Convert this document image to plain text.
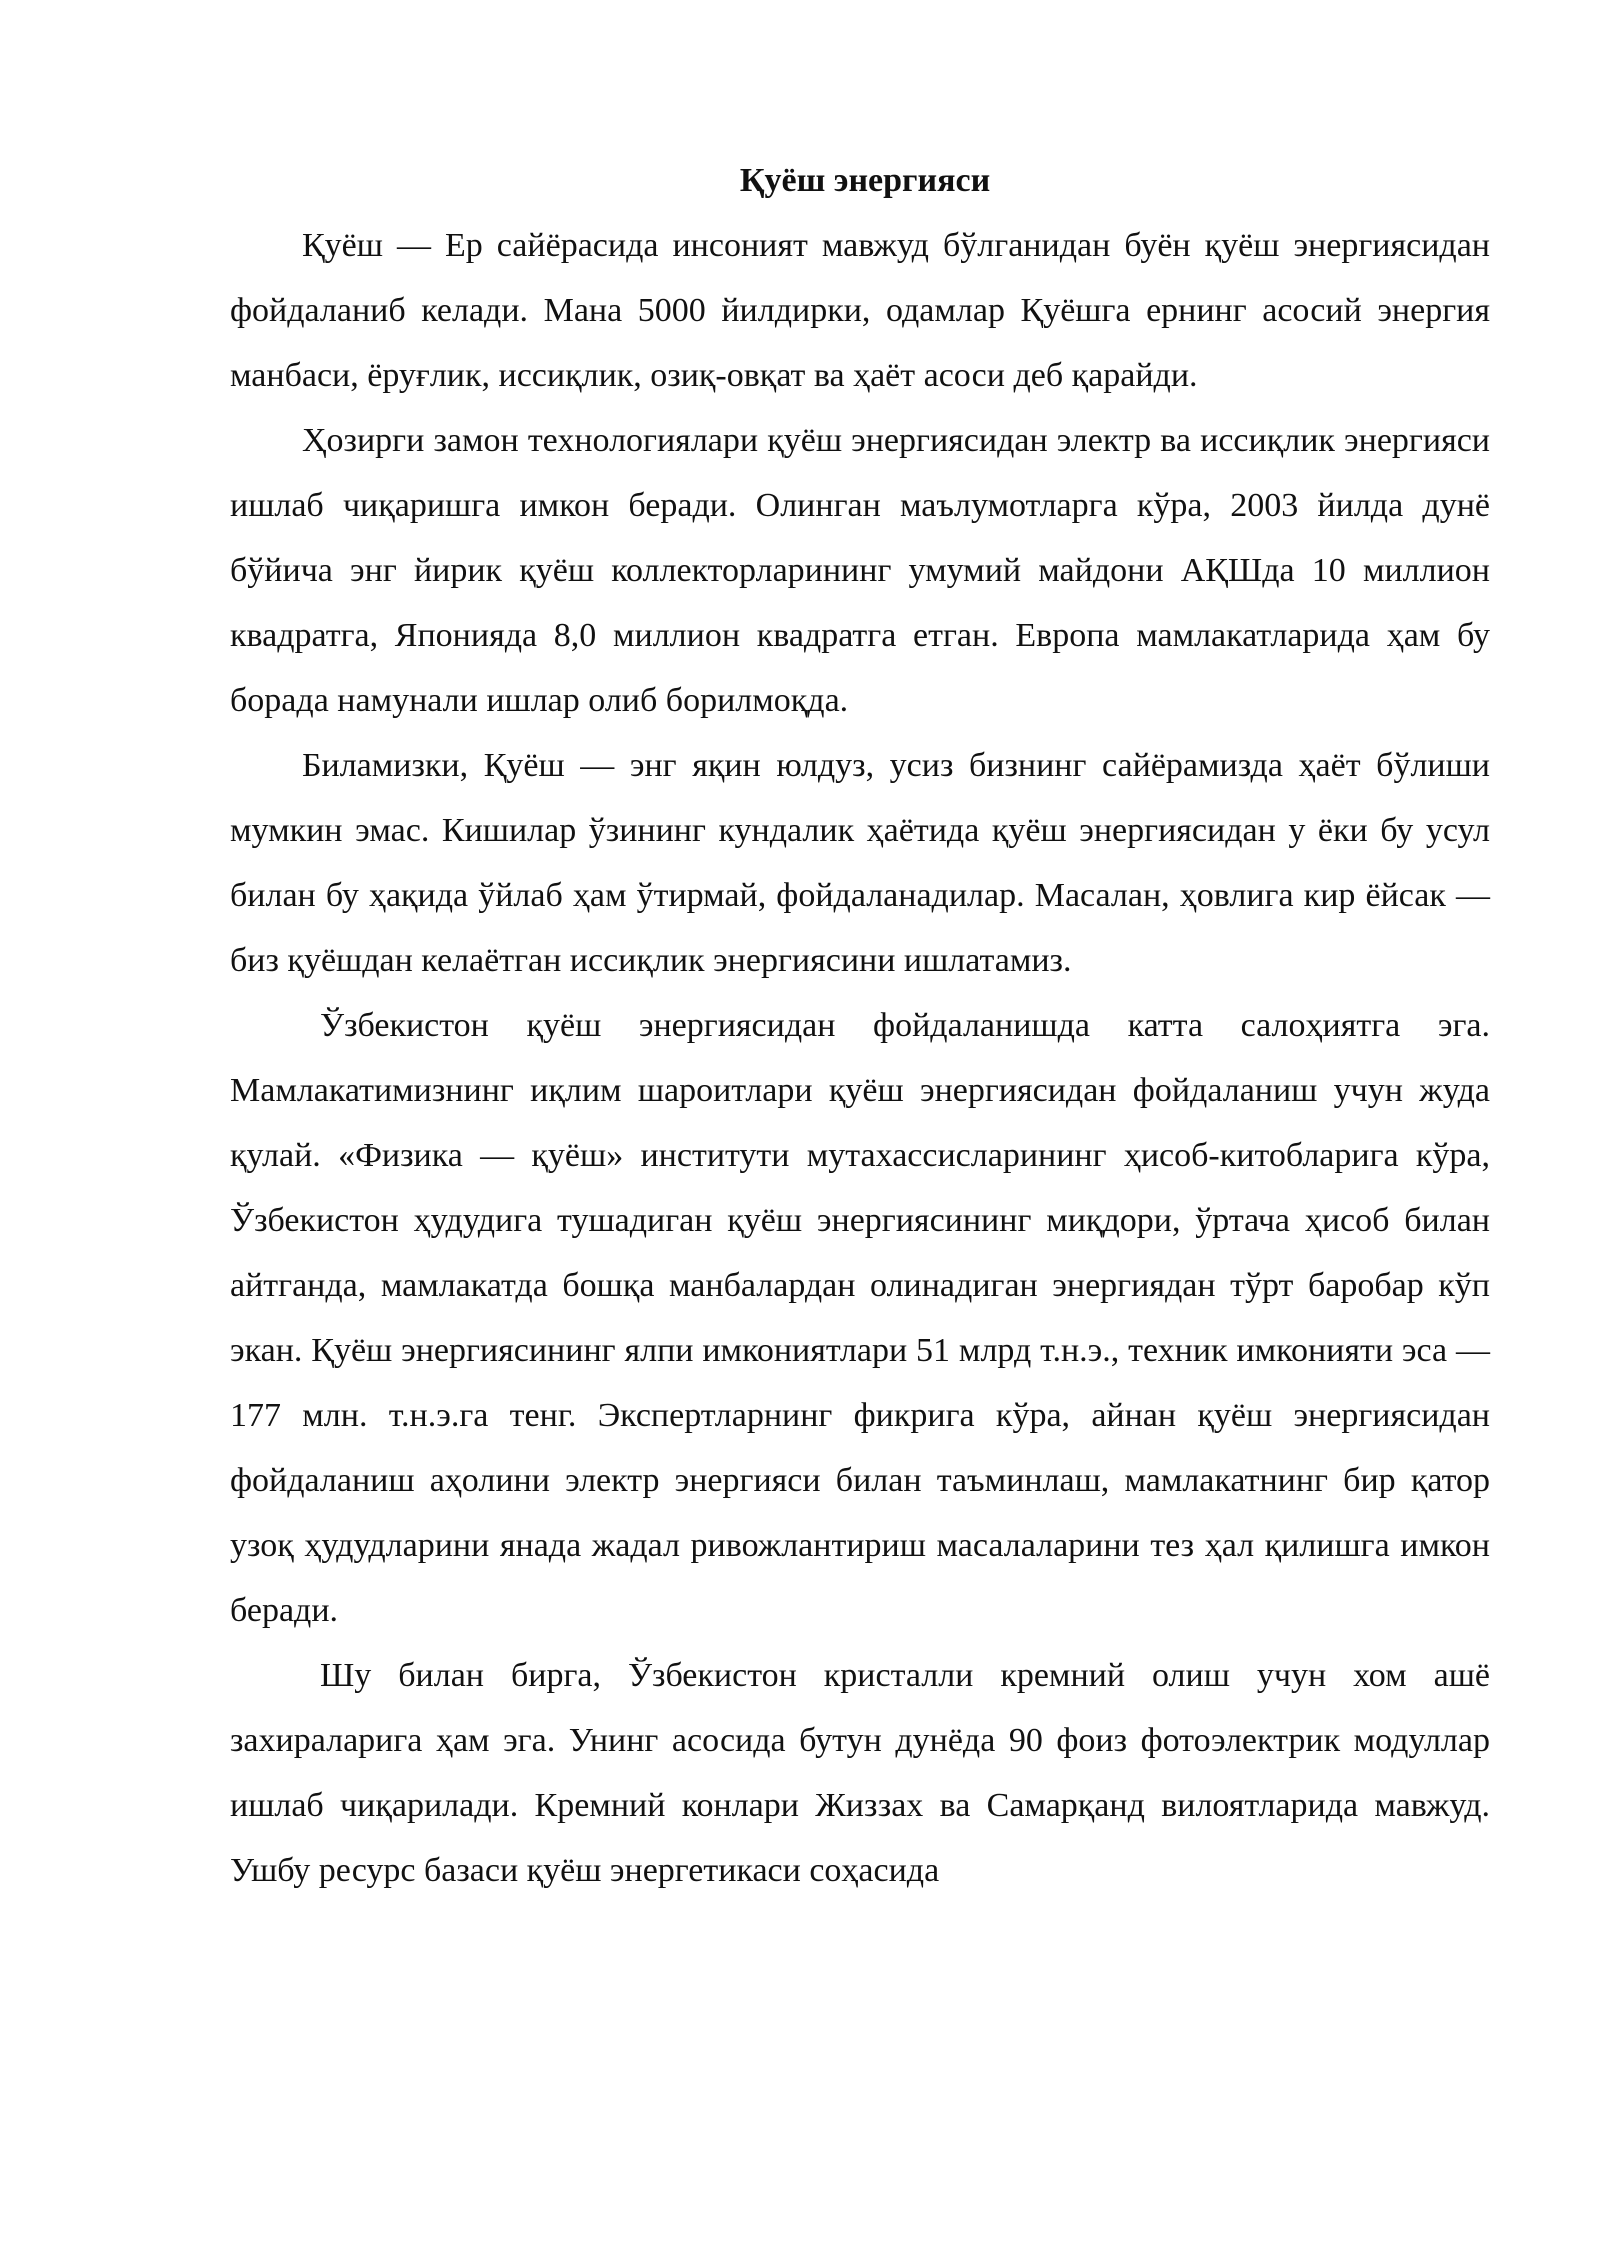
Қуёш энергияси

Қуёш — Ер сайёрасида инсоният мавжуд бўлганидан буён қуёш энергиясидан фойдаланиб келади. Мана 5000 йилдирки, одамлар Қуёшга ернинг асосий энергия манбаси, ёруғлик, иссиқлик, озиқ-овқат ва ҳаёт асоси деб қарайди.

Ҳозирги замон технологиялари қуёш энергиясидан электр ва иссиқлик энергияси ишлаб чиқаришга имкон беради. Олинган маълумотларга кўра, 2003 йилда дунё бўйича энг йирик қуёш коллекторларининг умумий майдони АҚШда 10 миллион квадратга, Японияда 8,0 миллион квадратга етган. Европа мамлакатларида ҳам бу борада намунали ишлар олиб борилмоқда.

Биламизки, Қуёш — энг яқин юлдуз, усиз бизнинг сайёрамизда ҳаёт бўлиши мумкин эмас. Кишилар ўзининг кундалик ҳаётида қуёш энергиясидан у ёки бу усул билан бу ҳақида ўйлаб ҳам ўтирмай, фойдаланадилар. Масалан, ҳовлига кир ёйсак — биз қуёшдан келаётган иссиқлик энергиясини ишлатамиз.

Ўзбекистон қуёш энергиясидан фойдаланишда катта салоҳиятга эга. Мамлакатимизнинг иқлим шароитлари қуёш энергиясидан фойдаланиш учун жуда қулай. «Физика — қуёш» институти мутахассисларининг ҳисоб-китобларига кўра, Ўзбекистон ҳудудига тушадиган қуёш энергиясининг миқдори, ўртача ҳисоб билан айтганда, мамлакатда бошқа манбалардан олинадиган энергиядан тўрт баробар кўп экан. Қуёш энергиясининг ялпи имкониятлари 51 млрд т.н.э., техник имконияти эса — 177 млн. т.н.э.га тенг. Экспертларнинг фикрига кўра, айнан қуёш энергиясидан фойдаланиш аҳолини электр энергияси билан таъминлаш, мамлакатнинг бир қатор узоқ ҳудудларини янада жадал ривожлантириш масалаларини тез ҳал қилишга имкон беради.

Шу билан бирга, Ўзбекистон кристалли кремний олиш учун хом ашё захираларига ҳам эга. Унинг асосида бутун дунёда 90 фоиз фотоэлектрик модуллар ишлаб чиқарилади. Кремний конлари Жиззах ва Самарқанд вилоятларида мавжуд. Ушбу ресурс базаси қуёш энергетикаси соҳасида
